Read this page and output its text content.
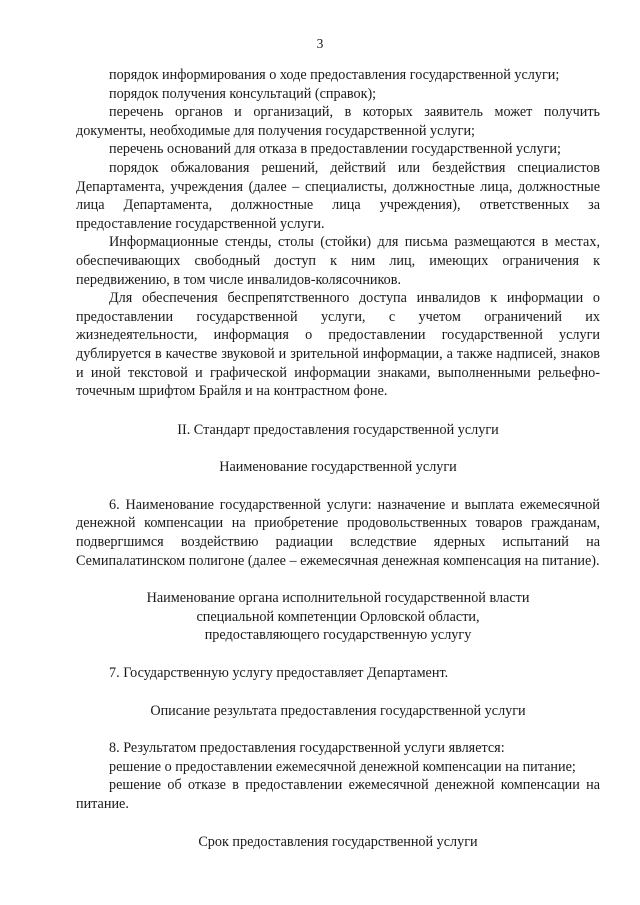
3

порядок информирования о ходе предоставления государственной услуги;

порядок получения консультаций (справок);

перечень органов и организаций, в которых заявитель может получить документы, необходимые для получения государственной услуги;

перечень оснований для отказа в предоставлении государственной услуги;

порядок обжалования решений, действий или бездействия специалистов Департамента, учреждения (далее – специалисты, должностные лица, должностные лица Департамента, должностные лица учреждения), ответственных за предоставление государственной услуги.

Информационные стенды, столы (стойки) для письма размещаются в местах, обеспечивающих свободный доступ к ним лиц, имеющих ограничения к передвижению, в том числе инвалидов-колясочников.

Для обеспечения беспрепятственного доступа инвалидов к информации о предоставлении государственной услуги, с учетом ограничений их жизнедеятельности, информация о предоставлении государственной услуги дублируется в качестве звуковой и зрительной информации, а также надписей, знаков и иной текстовой и графической информации знаками, выполненными рельефно-точечным шрифтом Брайля и на контрастном фоне.

II. Стандарт предоставления государственной услуги

Наименование государственной услуги

6. Наименование государственной услуги: назначение и выплата ежемесячной денежной компенсации на приобретение продовольственных товаров гражданам, подвергшимся воздействию радиации вследствие ядерных испытаний на Семипалатинском полигоне (далее – ежемесячная денежная компенсация на питание).

Наименование органа исполнительной государственной власти

специальной компетенции Орловской области,

предоставляющего государственную услугу

7. Государственную услугу предоставляет Департамент.

Описание результата предоставления государственной услуги

8. Результатом предоставления государственной услуги является:

решение о предоставлении ежемесячной денежной компенсации на питание;

решение об отказе в предоставлении ежемесячной денежной компенсации на питание.

Срок предоставления государственной услуги
